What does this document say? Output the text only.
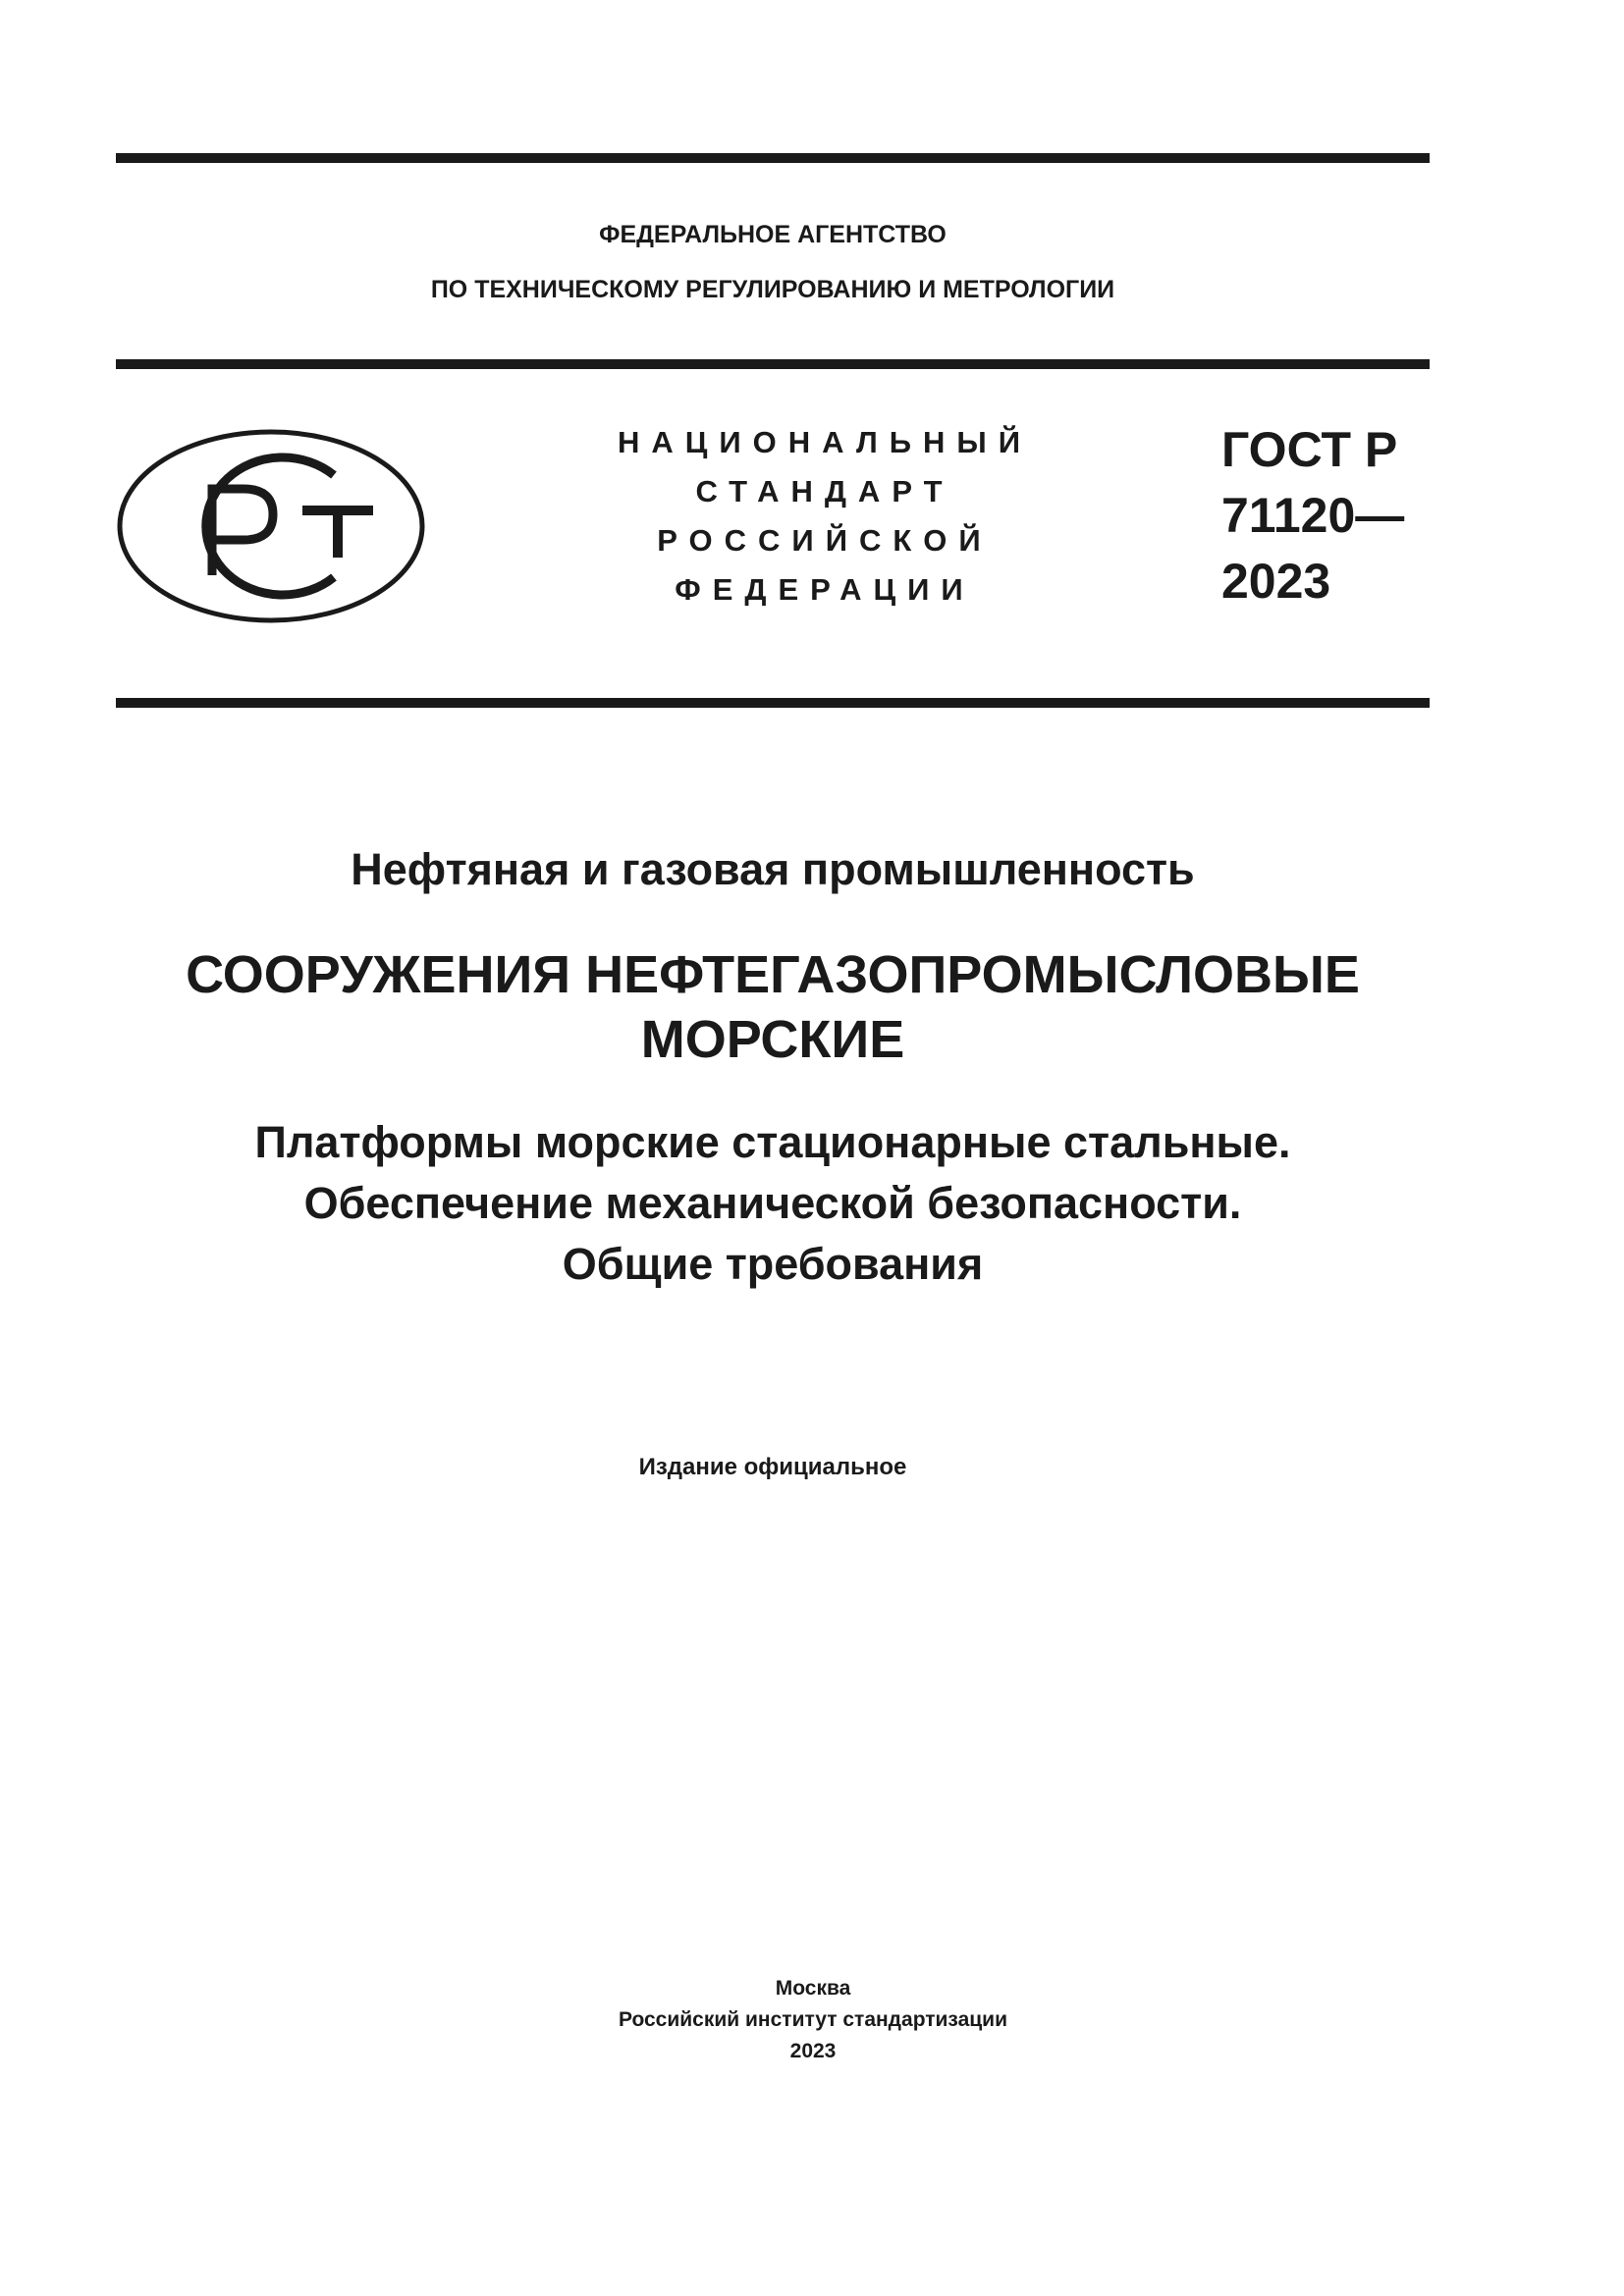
ФЕДЕРАЛЬНОЕ АГЕНТСТВО
ПО ТЕХНИЧЕСКОМУ РЕГУЛИРОВАНИЮ И МЕТРОЛОГИИ
НАЦИОНАЛЬНЫЙ
СТАНДАРТ
РОССИЙСКОЙ
ФЕДЕРАЦИИ
ГОСТ Р
71120—
2023
Нефтяная и газовая промышленность
СООРУЖЕНИЯ НЕФТЕГАЗОПРОМЫСЛОВЫЕ
МОРСКИЕ
Платформы морские стационарные стальные.
Обеспечение механической безопасности.
Общие требования
Издание официальное
Москва
Российский институт стандартизации
2023
